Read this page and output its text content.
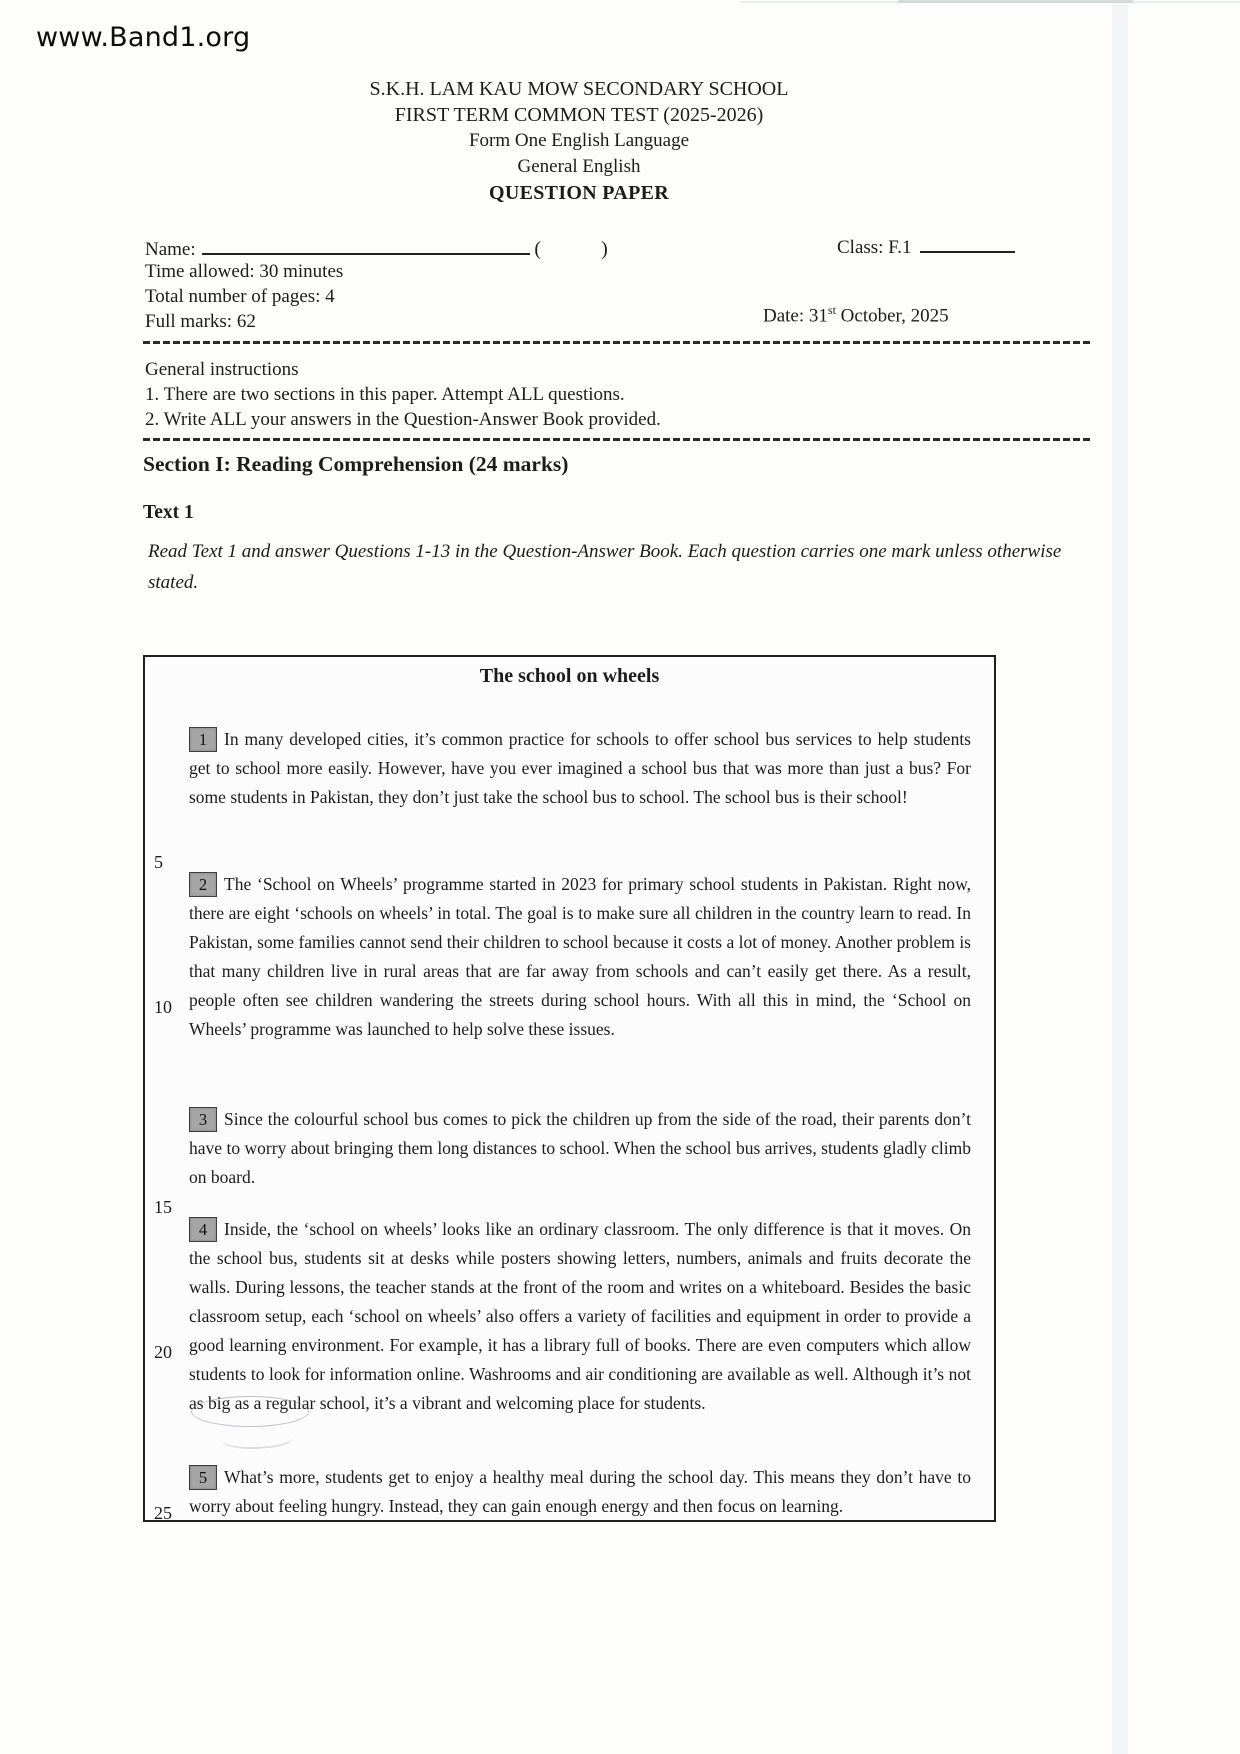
www.Band1.org
S.K.H. LAM KAU MOW SECONDARY SCHOOL
FIRST TERM COMMON TEST (2025-2026)
Form One English Language
General English
QUESTION PAPER
Name:	(	)	Class: F.1
Time allowed: 30 minutes
Total number of pages: 4
Full marks: 62	Date: 31st October, 2025
General instructions
1. There are two sections in this paper. Attempt ALL questions.
2. Write ALL your answers in the Question-Answer Book provided.
Section I: Reading Comprehension (24 marks)
Text 1
Read Text 1 and answer Questions 1-13 in the Question-Answer Book. Each question carries one mark unless otherwise stated.
The school on wheels
5
10
15
20
25

1 In many developed cities, it’s common practice for schools to offer school bus services to help students get to school more easily. However, have you ever imagined a school bus that was more than just a bus? For some students in Pakistan, they don’t just take the school bus to school. The school bus is their school!

2 The ‘School on Wheels’ programme started in 2023 for primary school students in Pakistan. Right now, there are eight ‘schools on wheels’ in total. The goal is to make sure all children in the country learn to read. In Pakistan, some families cannot send their children to school because it costs a lot of money. Another problem is that many children live in rural areas that are far away from schools and can’t easily get there. As a result, people often see children wandering the streets during school hours. With all this in mind, the ‘School on Wheels’ programme was launched to help solve these issues.

3 Since the colourful school bus comes to pick the children up from the side of the road, their parents don’t have to worry about bringing them long distances to school. When the school bus arrives, students gladly climb on board.

4 Inside, the ‘school on wheels’ looks like an ordinary classroom. The only difference is that it moves. On the school bus, students sit at desks while posters showing letters, numbers, animals and fruits decorate the walls. During lessons, the teacher stands at the front of the room and writes on a whiteboard. Besides the basic classroom setup, each ‘school on wheels’ also offers a variety of facilities and equipment in order to provide a good learning environment. For example, it has a library full of books. There are even computers which allow students to look for information online. Washrooms and air conditioning are available as well. Although it’s not as big as a regular school, it’s a vibrant and welcoming place for students.

5 What’s more, students get to enjoy a healthy meal during the school day. This means they don’t have to worry about feeling hungry. Instead, they can gain enough energy and then focus on learning.
